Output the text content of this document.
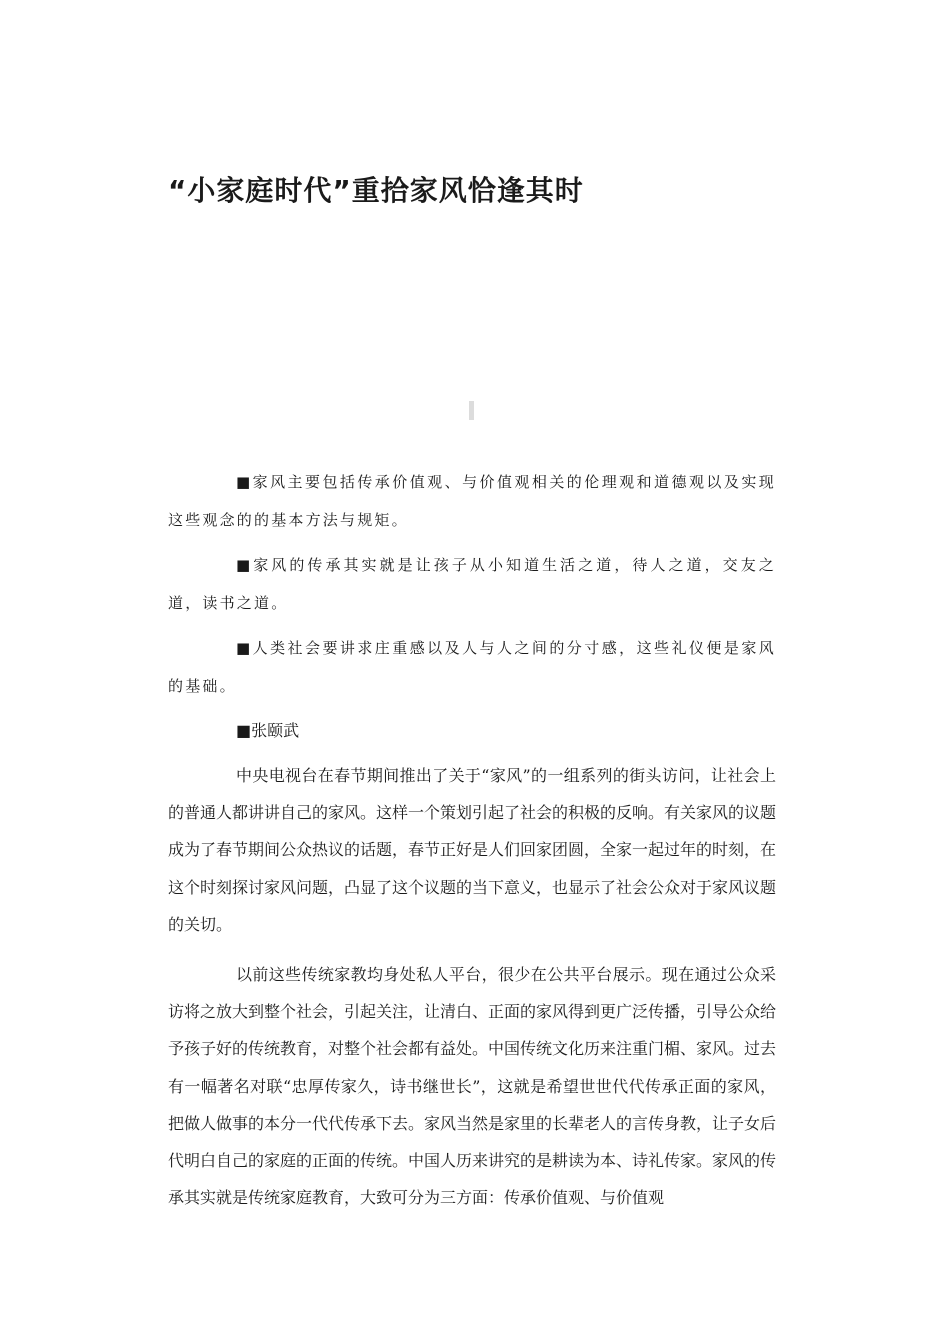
“小家庭时代”重拾家风恰逢其时

■家风主要包括传承价值观、与价值观相关的伦理观和道德观以及实现这些观念的的基本方法与规矩。

■家风的传承其实就是让孩子从小知道生活之道，待人之道，交友之道，读书之道。

■人类社会要讲求庄重感以及人与人之间的分寸感，这些礼仪便是家风的基础。

■张颐武

中央电视台在春节期间推出了关于“家风”的一组系列的街头访问，让社会上的普通人都讲讲自己的家风。这样一个策划引起了社会的积极的反响。有关家风的议题成为了春节期间公众热议的话题，春节正好是人们回家团圆，全家一起过年的时刻，在这个时刻探讨家风问题，凸显了这个议题的当下意义，也显示了社会公众对于家风议题的关切。

以前这些传统家教均身处私人平台，很少在公共平台展示。现在通过公众采访将之放大到整个社会，引起关注，让清白、正面的家风得到更广泛传播，引导公众给予孩子好的传统教育，对整个社会都有益处。中国传统文化历来注重门楣、家风。过去有一幅著名对联“忠厚传家久，诗书继世长”，这就是希望世世代代传承正面的家风，把做人做事的本分一代代传承下去。家风当然是家里的长辈老人的言传身教，让子女后代明白自己的家庭的正面的传统。中国人历来讲究的是耕读为本、诗礼传家。家风的传承其实就是传统家庭教育，大致可分为三方面：传承价值观、与价值观
